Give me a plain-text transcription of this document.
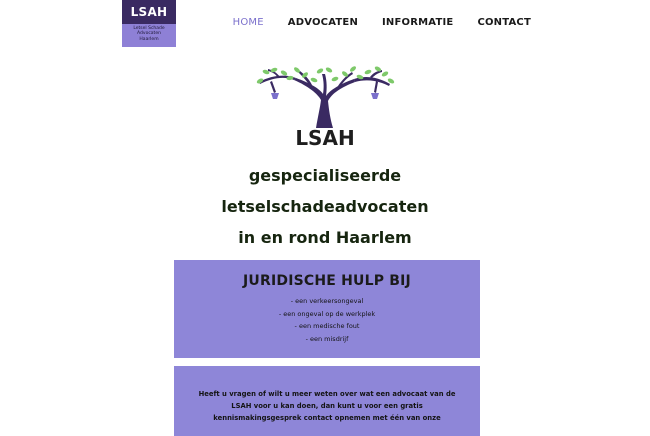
LSAH
Letsel Schade
Advocaten
Haarlem
HOME ADVOCATEN INFORMATIE CONTACT
LSAH
gespecialiseerde
letselschadeadvocaten
in en rond Haarlem
JURIDISCHE HULP BIJ
- een verkeersongeval
- een ongeval op de werkplek
- een medische fout
- een misdrijf
Heeft u vragen of wilt u meer weten over wat een advocaat van de LSAH voor u kan doen, dan kunt u voor een gratis kennismakingsgesprek contact opnemen met één van onze
